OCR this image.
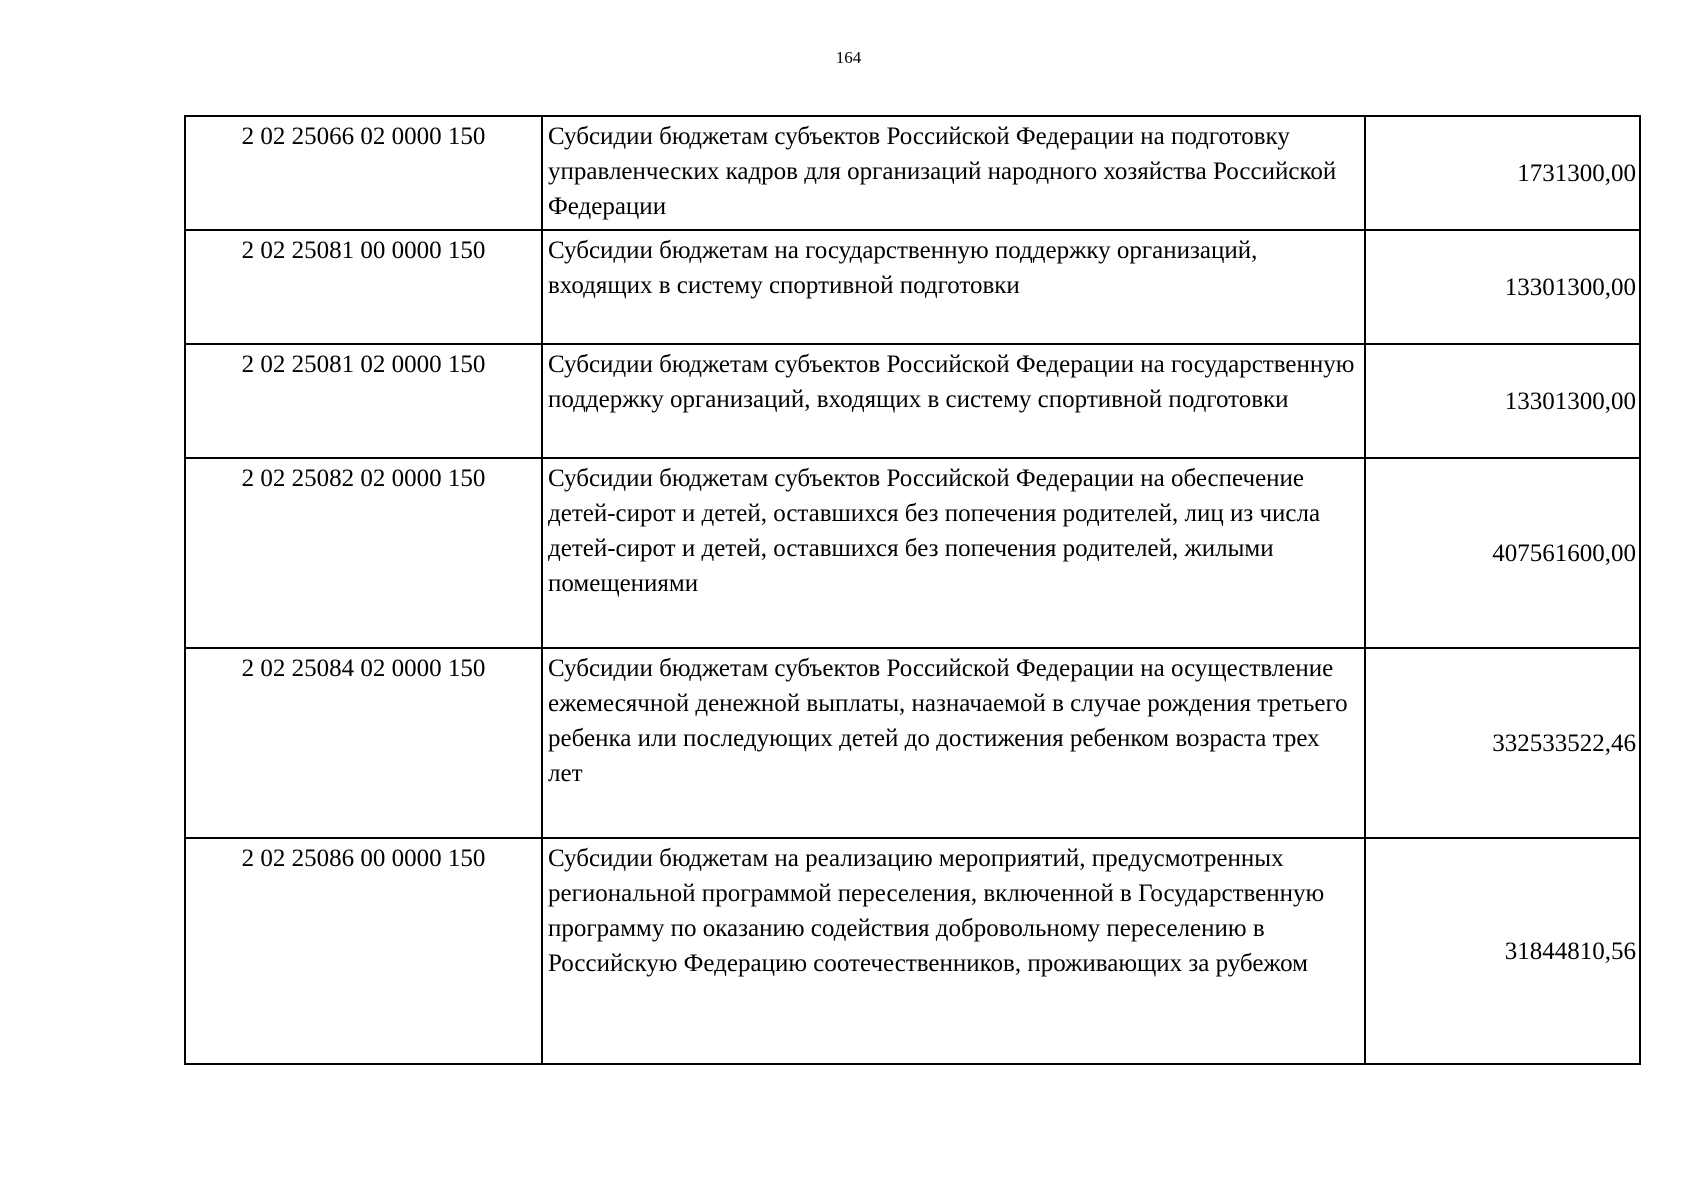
164
2 02 25066 02 0000 150	Субсидии бюджетам субъектов Российской Федерации на подготовку управленческих кадров для организаций народного хозяйства Российской Федерации	1731300,00
2 02 25081 00 0000 150	Субсидии бюджетам на государственную поддержку организаций, входящих в систему спортивной подготовки	13301300,00
2 02 25081 02 0000 150	Субсидии бюджетам субъектов Российской Федерации на государственную поддержку организаций, входящих в систему спортивной подготовки	13301300,00
2 02 25082 02 0000 150	Субсидии бюджетам субъектов Российской Федерации на обеспечение детей-сирот и детей, оставшихся без попечения родителей, лиц из числа детей-сирот и детей, оставшихся без попечения родителей, жилыми помещениями	407561600,00
2 02 25084 02 0000 150	Субсидии бюджетам субъектов Российской Федерации на осуществление ежемесячной денежной выплаты, назначаемой в случае рождения третьего ребенка или последующих детей до достижения ребенком возраста трех лет	332533522,46
2 02 25086 00 0000 150	Субсидии бюджетам на реализацию мероприятий, предусмотренных региональной программой переселения, включенной в Государственную программу по оказанию содействия добровольному переселению в Российскую Федерацию соотечественников, проживающих за рубежом	31844810,56
